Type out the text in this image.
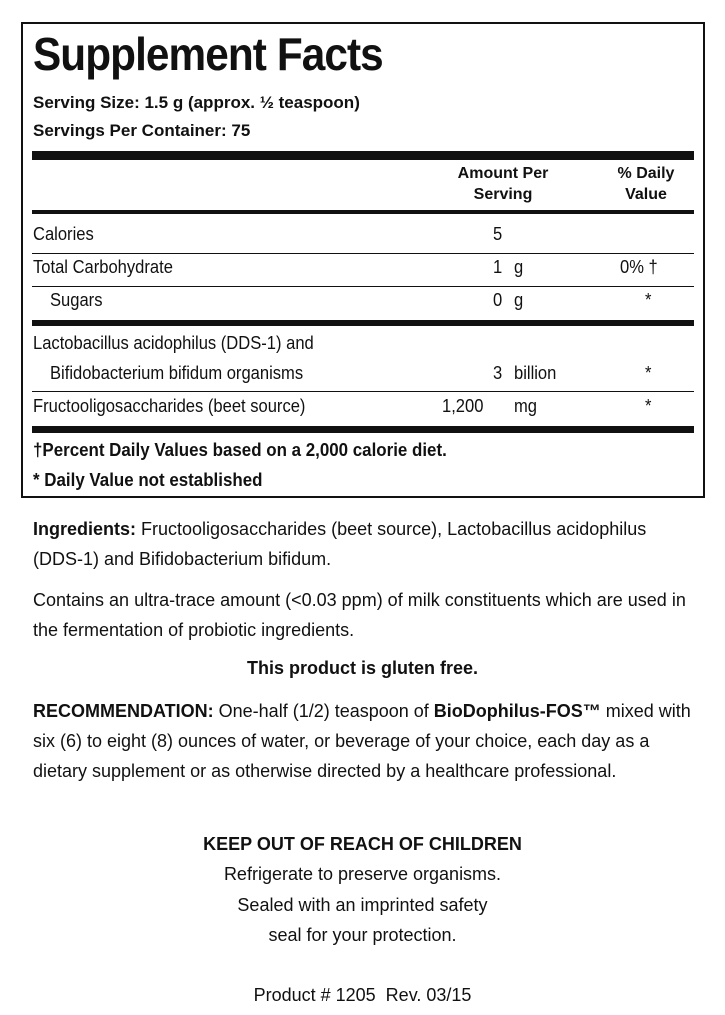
Supplement Facts
Serving Size: 1.5 g (approx. ½ teaspoon)
Servings Per Container: 75
Amount Per
Serving
% Daily
Value
Calories	5
Total Carbohydrate	1 g	0% †
Sugars	0 g	*
Lactobacillus acidophilus (DDS-1) and
Bifidobacterium bifidum organisms	3 billion	*
Fructooligosaccharides (beet source)	1,200 mg	*
†Percent Daily Values based on a 2,000 calorie diet.
* Daily Value not established
Ingredients: Fructooligosaccharides (beet source), Lactobacillus acidophilus (DDS-1) and Bifidobacterium bifidum.
Contains an ultra-trace amount (<0.03 ppm) of milk constituents which are used in the fermentation of probiotic ingredients.
This product is gluten free.
RECOMMENDATION: One-half (1/2) teaspoon of BioDophilus-FOS™ mixed with six (6) to eight (8) ounces of water, or beverage of your choice, each day as a dietary supplement or as otherwise directed by a healthcare professional.
KEEP OUT OF REACH OF CHILDREN
Refrigerate to preserve organisms.
Sealed with an imprinted safety
seal for your protection.
Product # 1205  Rev. 03/15
